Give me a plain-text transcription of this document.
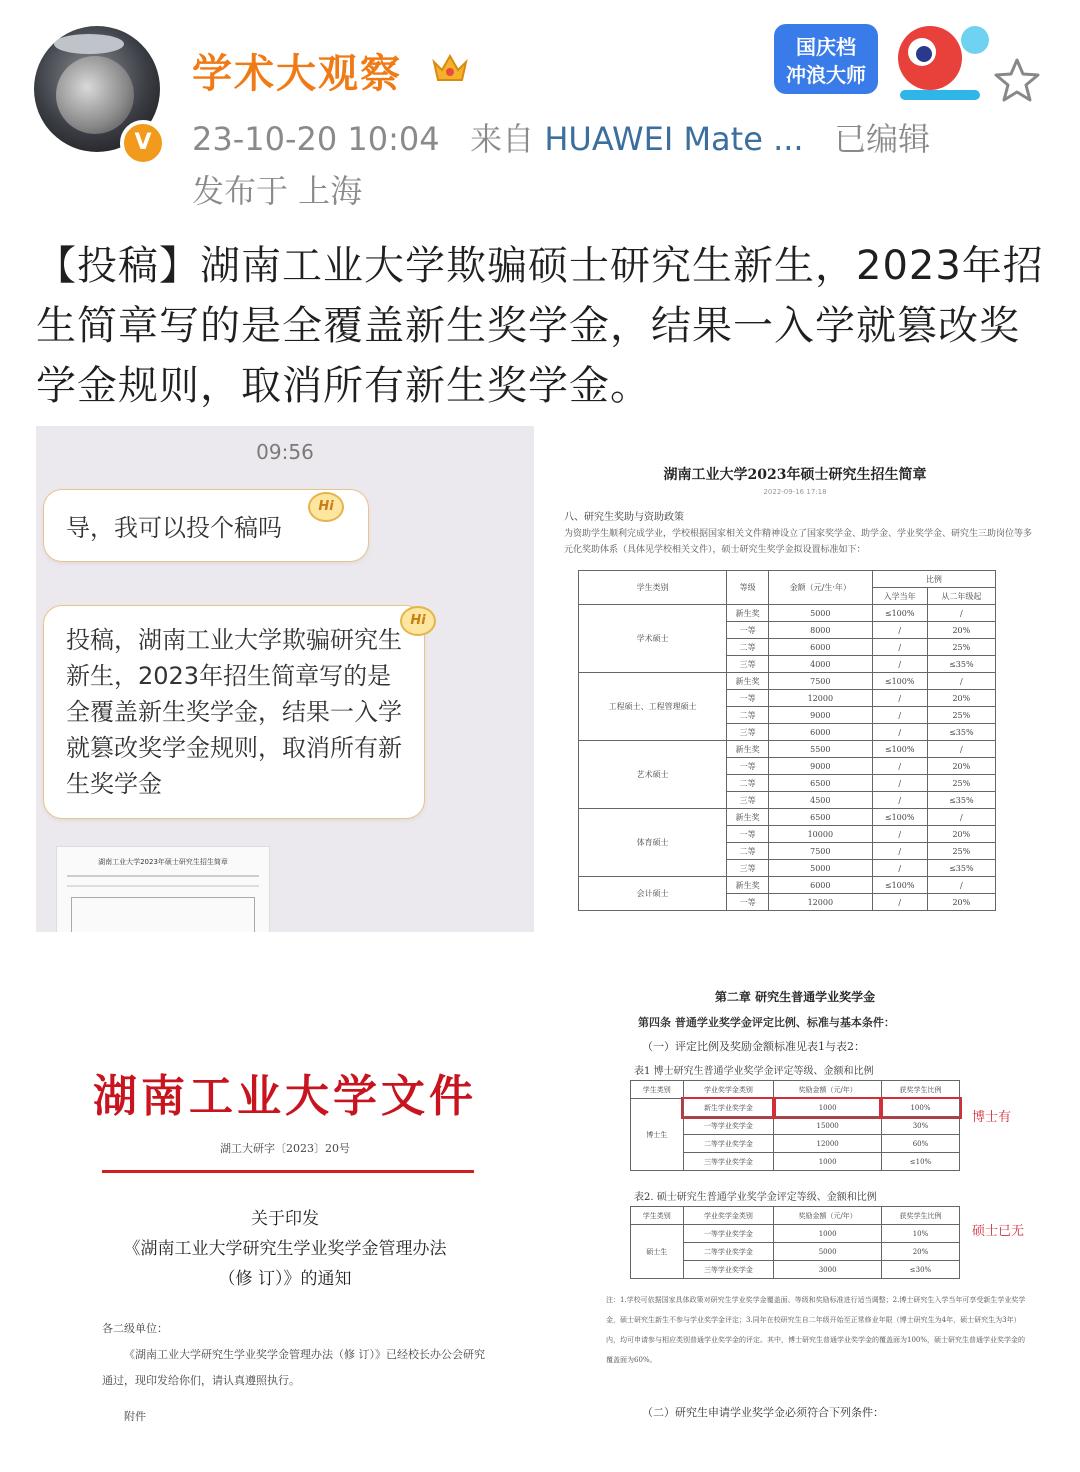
V
学术大观察
23-10-20 10:04 来自 HUAWEI Mate ... 已编辑
发布于 上海
国庆档
冲浪大师
【投稿】湖南工业大学欺骗硕士研究生新生，2023年招生简章写的是全覆盖新生奖学金，结果一入学就篡改奖学金规则，取消所有新生奖学金。
09:56
导，我可以投个稿吗
Hi
投稿，湖南工业大学欺骗研究生新生，2023年招生简章写的是全覆盖新生奖学金，结果一入学就篡改奖学金规则，取消所有新生奖学金
Hi
湖南工业大学2023年硕士研究生招生简章
湖南工业大学2023年硕士研究生招生简章
2022-09-16 17:18
八、研究生奖助与资助政策
为资助学生顺利完成学业，学校根据国家相关文件精神设立了国家奖学金、助学金、学业奖学金、研究生三助岗位等多元化奖助体系（具体见学校相关文件），硕士研究生奖学金拟设置标准如下：
学生类别	等级	金额（元/生·年）	比例	
			入学当年	从二年级起
学术硕士	新生奖	5000	≤100%	/
	一等	8000	/	20%
	二等	6000	/	25%
	三等	4000	/	≤35%
工程硕士、工程管理硕士	新生奖	7500	≤100%	/
	一等	12000	/	20%
	二等	9000	/	25%
	三等	6000	/	≤35%
艺术硕士	新生奖	5500	≤100%	/
	一等	9000	/	20%
	二等	6500	/	25%
	三等	4500	/	≤35%
体育硕士	新生奖	6500	≤100%	/
	一等	10000	/	20%
	二等	7500	/	25%
	三等	5000	/	≤35%
会计硕士	新生奖	6000	≤100%	/
	一等	12000	/	20%
湖南工业大学文件
湖工大研字〔2023〕20号
关于印发
《湖南工业大学研究生学业奖学金管理办法
（修 订）》的通知
各二级单位：
《湖南工业大学研究生学业奖学金管理办法（修 订）》已经校长办公会研究通过，现印发给你们，请认真遵照执行。
附件
第二章 研究生普通学业奖学金
第四条 普通学业奖学金评定比例、标准与基本条件：
（一）评定比例及奖励金额标准见表1与表2：
表1 博士研究生普通学业奖学金评定等级、金额和比例
学生类别	学业奖学金类别	奖励金额（元/年）	获奖学生比例
博士生	新生学业奖学金	1000	100%
	一等学业奖学金	15000	30%
	二等学业奖学金	12000	60%
	三等学业奖学金	1000	≤10%
博士有
表2. 硕士研究生普通学业奖学金评定等级、金额和比例
学生类别	学业奖学金类别	奖励金额（元/年）	获奖学生比例
硕士生	一等学业奖学金	1000	10%
	二等学业奖学金	5000	20%
	三等学业奖学金	3000	≤30%
硕士已无
注：1.学校可依据国家具体政策对研究生学业奖学金覆盖面、等级和奖励标准进行适当调整；2.博士研究生入学当年可享受新生学业奖学金，硕士研究生新生不参与学业奖学金评定；3.同年在校研究生自二年级开始至正常修业年限（博士研究生为4年，硕士研究生为3年）内，均可申请参与相应类别普通学业奖学金的评定。其中，博士研究生普通学业奖学金的覆盖面为100%，硕士研究生普通学业奖学金的覆盖面为60%。
（二）研究生申请学业奖学金必须符合下列条件：
